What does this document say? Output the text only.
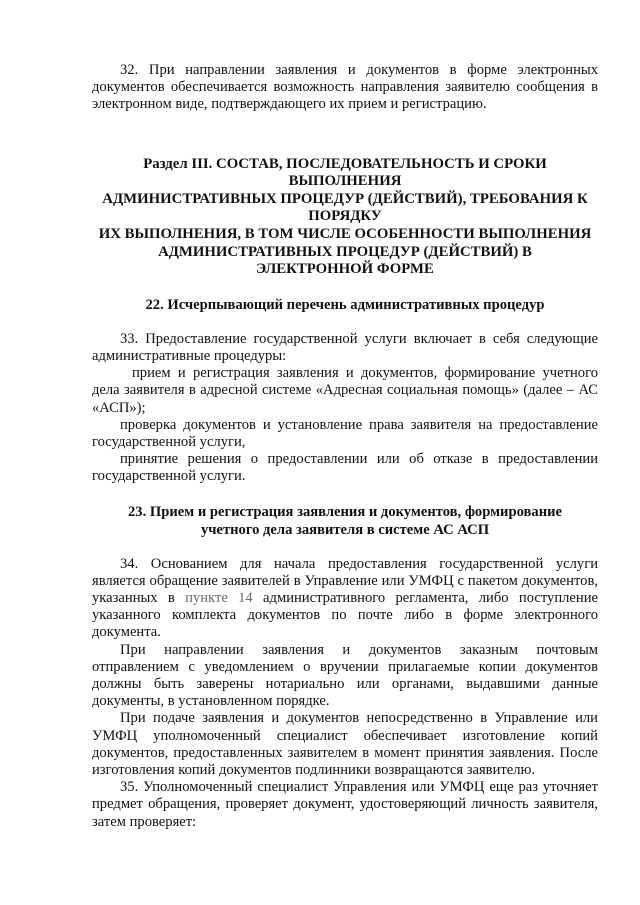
32. При направлении заявления и документов в форме электронных документов обеспечивается возможность направления заявителю сообщения в электронном виде, подтверждающего их прием и регистрацию.

Раздел III. СОСТАВ, ПОСЛЕДОВАТЕЛЬНОСТЬ И СРОКИ
ВЫПОЛНЕНИЯ
АДМИНИСТРАТИВНЫХ ПРОЦЕДУР (ДЕЙСТВИЙ), ТРЕБОВАНИЯ К
ПОРЯДКУ
ИХ ВЫПОЛНЕНИЯ, В ТОМ ЧИСЛЕ ОСОБЕННОСТИ ВЫПОЛНЕНИЯ
АДМИНИСТРАТИВНЫХ ПРОЦЕДУР (ДЕЙСТВИЙ) В
ЭЛЕКТРОННОЙ ФОРМЕ
22. Исчерпывающий перечень административных процедур

33. Предоставление государственной услуги включает в себя следующие административные процедуры:

прием и регистрация заявления и документов, формирование учетного дела заявителя в адресной системе «Адресная социальная помощь» (далее – АС «АСП»);

проверка документов и установление права заявителя на предоставление государственной услуги,

принятие решения о предоставлении или об отказе в предоставлении государственной услуги.

23. Прием и регистрация заявления и документов, формирование
учетного дела заявителя в системе АС АСП

34. Основанием для начала предоставления государственной услуги является обращение заявителей в Управление или УМФЦ с пакетом документов, указанных в пункте 14 административного регламента, либо поступление указанного комплекта документов по почте либо в форме электронного документа.

При направлении заявления и документов заказным почтовым отправлением с уведомлением о вручении прилагаемые копии документов должны быть заверены нотариально или органами, выдавшими данные документы, в установленном порядке.

При подаче заявления и документов непосредственно в Управление или УМФЦ уполномоченный специалист обеспечивает изготовление копий документов, предоставленных заявителем в момент принятия заявления. После изготовления копий документов подлинники возвращаются заявителю.

35. Уполномоченный специалист Управления или УМФЦ еще раз уточняет предмет обращения, проверяет документ, удостоверяющий личность заявителя, затем проверяет:
